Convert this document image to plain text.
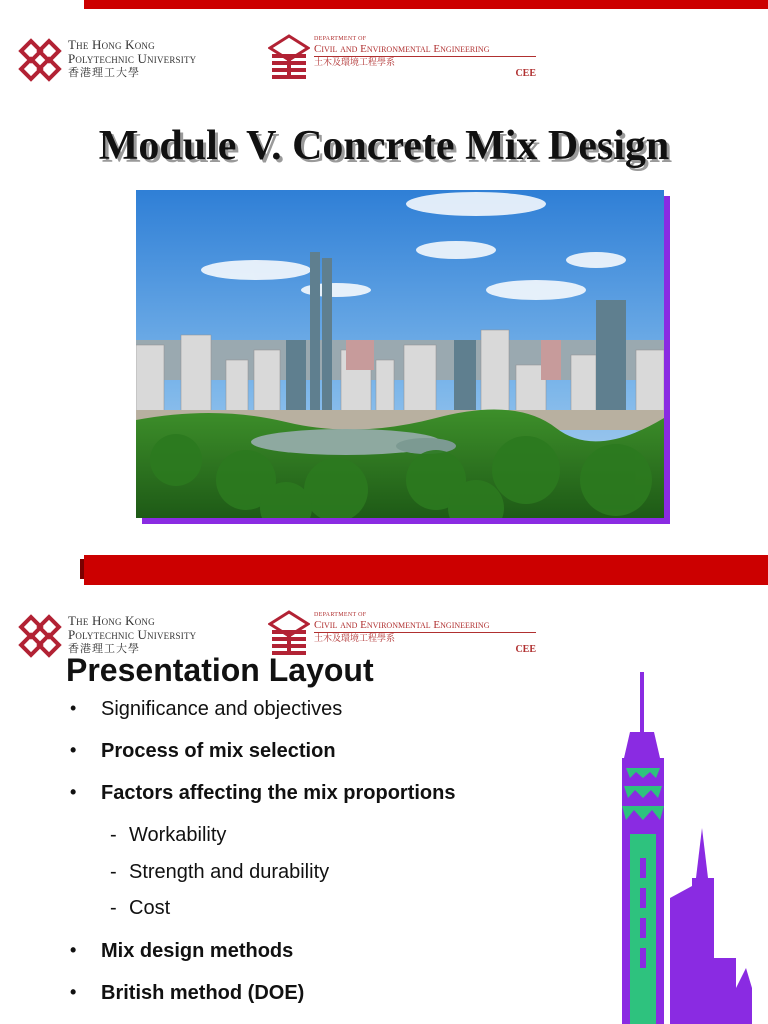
The Hong Kong
Polytechnic University
香港理工大學
DEPARTMENT OF
Civil and Environmental Engineering
土木及環境工程學系
CEE
Module V. Concrete Mix Design
The Hong Kong
Polytechnic University
香港理工大學
DEPARTMENT OF
Civil and Environmental Engineering
土木及環境工程學系
CEE
Presentation Layout
• Significance and objectives
• Process of mix selection
• Factors affecting the mix proportions
- Workability
- Strength and durability
- Cost
• Mix design methods
• British method (DOE)
